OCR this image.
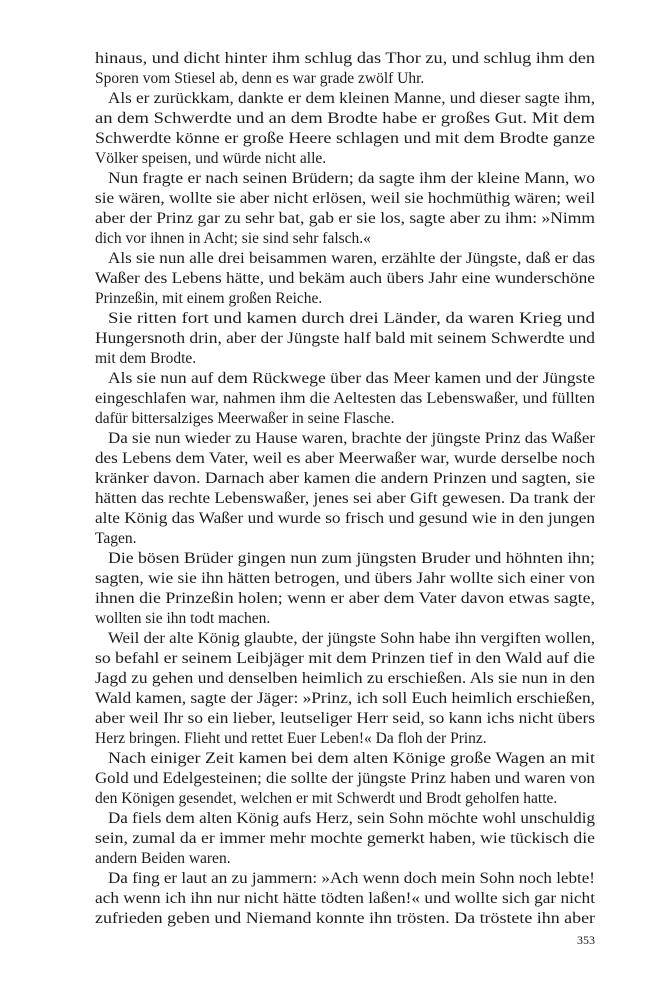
hinaus, und dicht hinter ihm schlug das Thor zu, und schlug ihm den
Sporen vom Stiesel ab, denn es war grade zwölf Uhr.
Als er zurückkam, dankte er dem kleinen Manne, und dieser sagte ihm,
an dem Schwerdte und an dem Brodte habe er großes Gut. Mit dem
Schwerdte könne er große Heere schlagen und mit dem Brodte ganze
Völker speisen, und würde nicht alle.
Nun fragte er nach seinen Brüdern; da sagte ihm der kleine Mann, wo
sie wären, wollte sie aber nicht erlösen, weil sie hochmüthig wären; weil
aber der Prinz gar zu sehr bat, gab er sie los, sagte aber zu ihm: »Nimm
dich vor ihnen in Acht; sie sind sehr falsch.«
Als sie nun alle drei beisammen waren, erzählte der Jüngste, daß er das
Waßer des Lebens hätte, und bekäm auch übers Jahr eine wunderschöne
Prinzeßin, mit einem großen Reiche.
Sie ritten fort und kamen durch drei Länder, da waren Krieg und
Hungersnoth drin, aber der Jüngste half bald mit seinem Schwerdte und
mit dem Brodte.
Als sie nun auf dem Rückwege über das Meer kamen und der Jüngste
eingeschlafen war, nahmen ihm die Aeltesten das Lebenswaßer, und füllten
dafür bittersalziges Meerwaßer in seine Flasche.
Da sie nun wieder zu Hause waren, brachte der jüngste Prinz das Waßer
des Lebens dem Vater, weil es aber Meerwaßer war, wurde derselbe noch
kränker davon. Darnach aber kamen die andern Prinzen und sagten, sie
hätten das rechte Lebenswaßer, jenes sei aber Gift gewesen. Da trank der
alte König das Waßer und wurde so frisch und gesund wie in den jungen
Tagen.
Die bösen Brüder gingen nun zum jüngsten Bruder und höhnten ihn;
sagten, wie sie ihn hätten betrogen, und übers Jahr wollte sich einer von
ihnen die Prinzeßin holen; wenn er aber dem Vater davon etwas sagte,
wollten sie ihn todt machen.
Weil der alte König glaubte, der jüngste Sohn habe ihn vergiften wollen,
so befahl er seinem Leibjäger mit dem Prinzen tief in den Wald auf die
Jagd zu gehen und denselben heimlich zu erschießen. Als sie nun in den
Wald kamen, sagte der Jäger: »Prinz, ich soll Euch heimlich erschießen,
aber weil Ihr so ein lieber, leutseliger Herr seid, so kann ichs nicht übers
Herz bringen. Flieht und rettet Euer Leben!« Da floh der Prinz.
Nach einiger Zeit kamen bei dem alten Könige große Wagen an mit
Gold und Edelgesteinen; die sollte der jüngste Prinz haben und waren von
den Königen gesendet, welchen er mit Schwerdt und Brodt geholfen hatte.
Da fiels dem alten König aufs Herz, sein Sohn möchte wohl unschuldig
sein, zumal da er immer mehr mochte gemerkt haben, wie tückisch die
andern Beiden waren.
Da fing er laut an zu jammern: »Ach wenn doch mein Sohn noch lebte!
ach wenn ich ihn nur nicht hätte tödten laßen!« und wollte sich gar nicht
zufrieden geben und Niemand konnte ihn trösten. Da tröstete ihn aber
353
